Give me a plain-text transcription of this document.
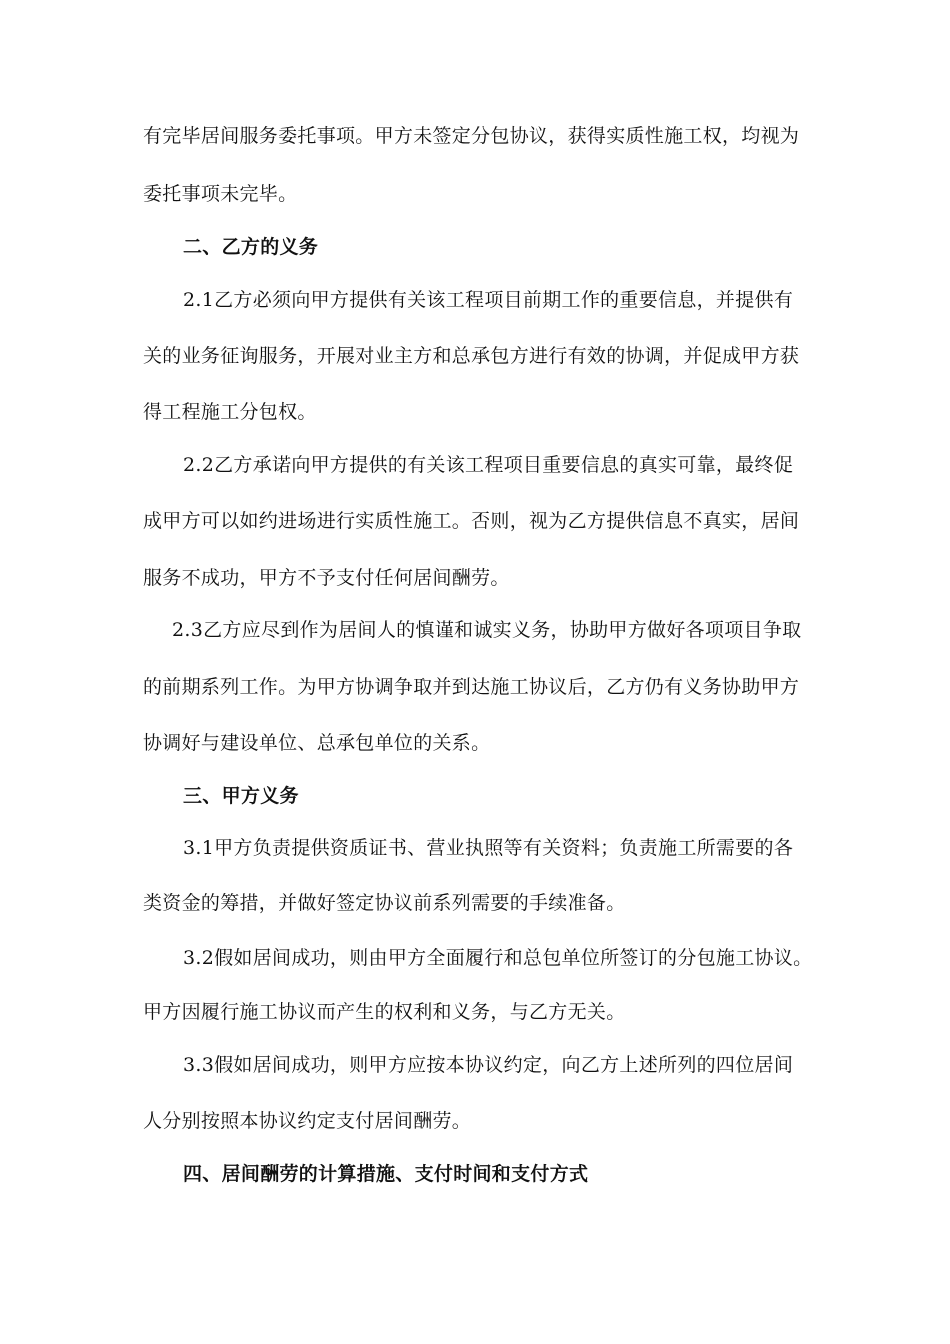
有完毕居间服务委托事项。甲方未签定分包协议，获得实质性施工权，均视为

委托事项未完毕。

二、乙方的义务

2.1乙方必须向甲方提供有关该工程项目前期工作的重要信息，并提供有

关的业务征询服务，开展对业主方和总承包方进行有效的协调，并促成甲方获

得工程施工分包权。

2.2乙方承诺向甲方提供的有关该工程项目重要信息的真实可靠，最终促

成甲方可以如约进场进行实质性施工。否则，视为乙方提供信息不真实，居间

服务不成功，甲方不予支付任何居间酬劳。

2.3乙方应尽到作为居间人的慎谨和诚实义务，协助甲方做好各项项目争取

的前期系列工作。为甲方协调争取并到达施工协议后，乙方仍有义务协助甲方

协调好与建设单位、总承包单位的关系。

三、甲方义务

3.1甲方负责提供资质证书、营业执照等有关资料；负责施工所需要的各

类资金的筹措，并做好签定协议前系列需要的手续准备。

3.2假如居间成功，则由甲方全面履行和总包单位所签订的分包施工协议。

甲方因履行施工协议而产生的权利和义务，与乙方无关。

3.3假如居间成功，则甲方应按本协议约定，向乙方上述所列的四位居间

人分别按照本协议约定支付居间酬劳。

四、居间酬劳的计算措施、支付时间和支付方式
